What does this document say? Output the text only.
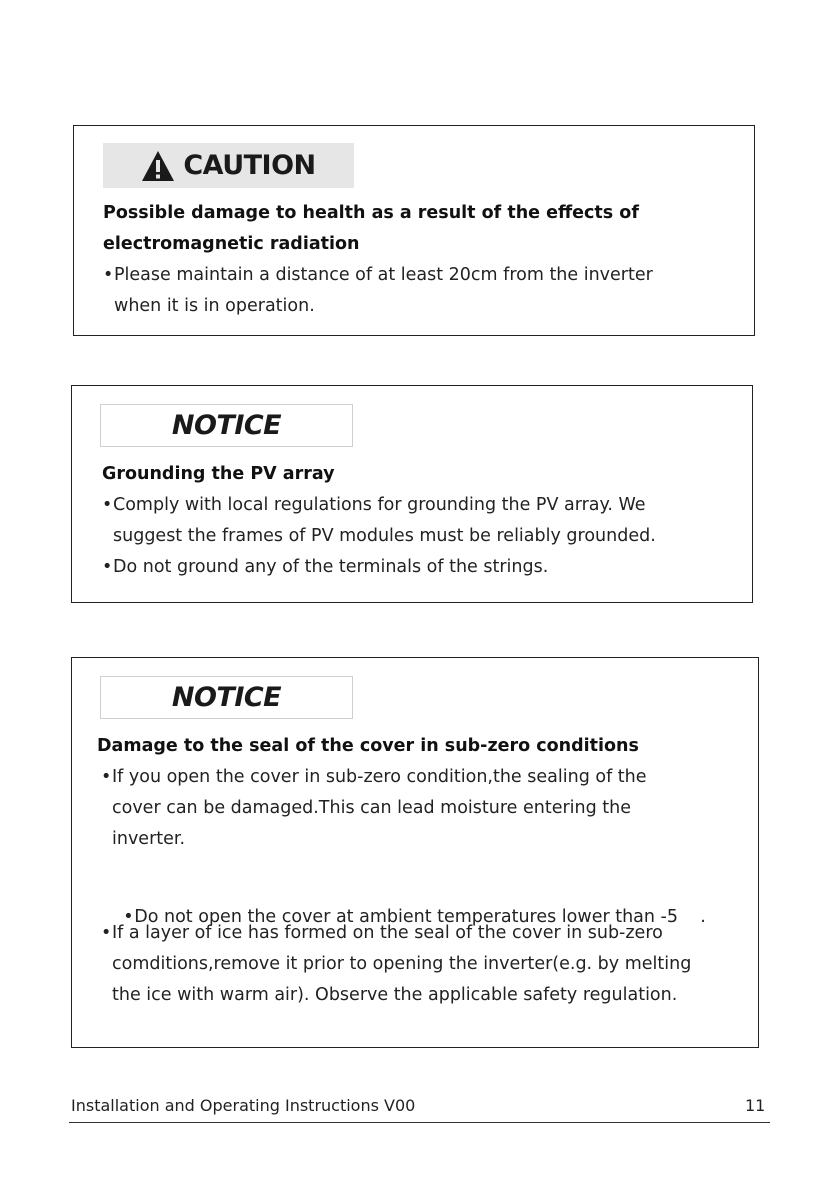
CAUTION
Possible damage to health as a result of the effects of
electromagnetic radiation
•Please maintain a distance of at least 20cm from the inverter
when it is in operation.
NOTICE
Grounding the PV array
•Comply with local regulations for grounding the PV array. We
suggest the frames of PV modules must be reliably grounded.
•Do not ground any of the terminals of the strings.
NOTICE
Damage to the seal of the cover in sub-zero conditions
•If you open the cover in sub-zero condition,the sealing of the
cover can be damaged.This can lead moisture entering the
inverter.

•Do not open the cover at ambient temperatures lower than -5    .

•If a layer of ice has formed on the seal of the cover in sub-zero
comditions,remove it prior to opening the inverter(e.g. by melting
the ice with warm air). Observe the applicable safety regulation.
Installation and Operating Instructions V00	11
